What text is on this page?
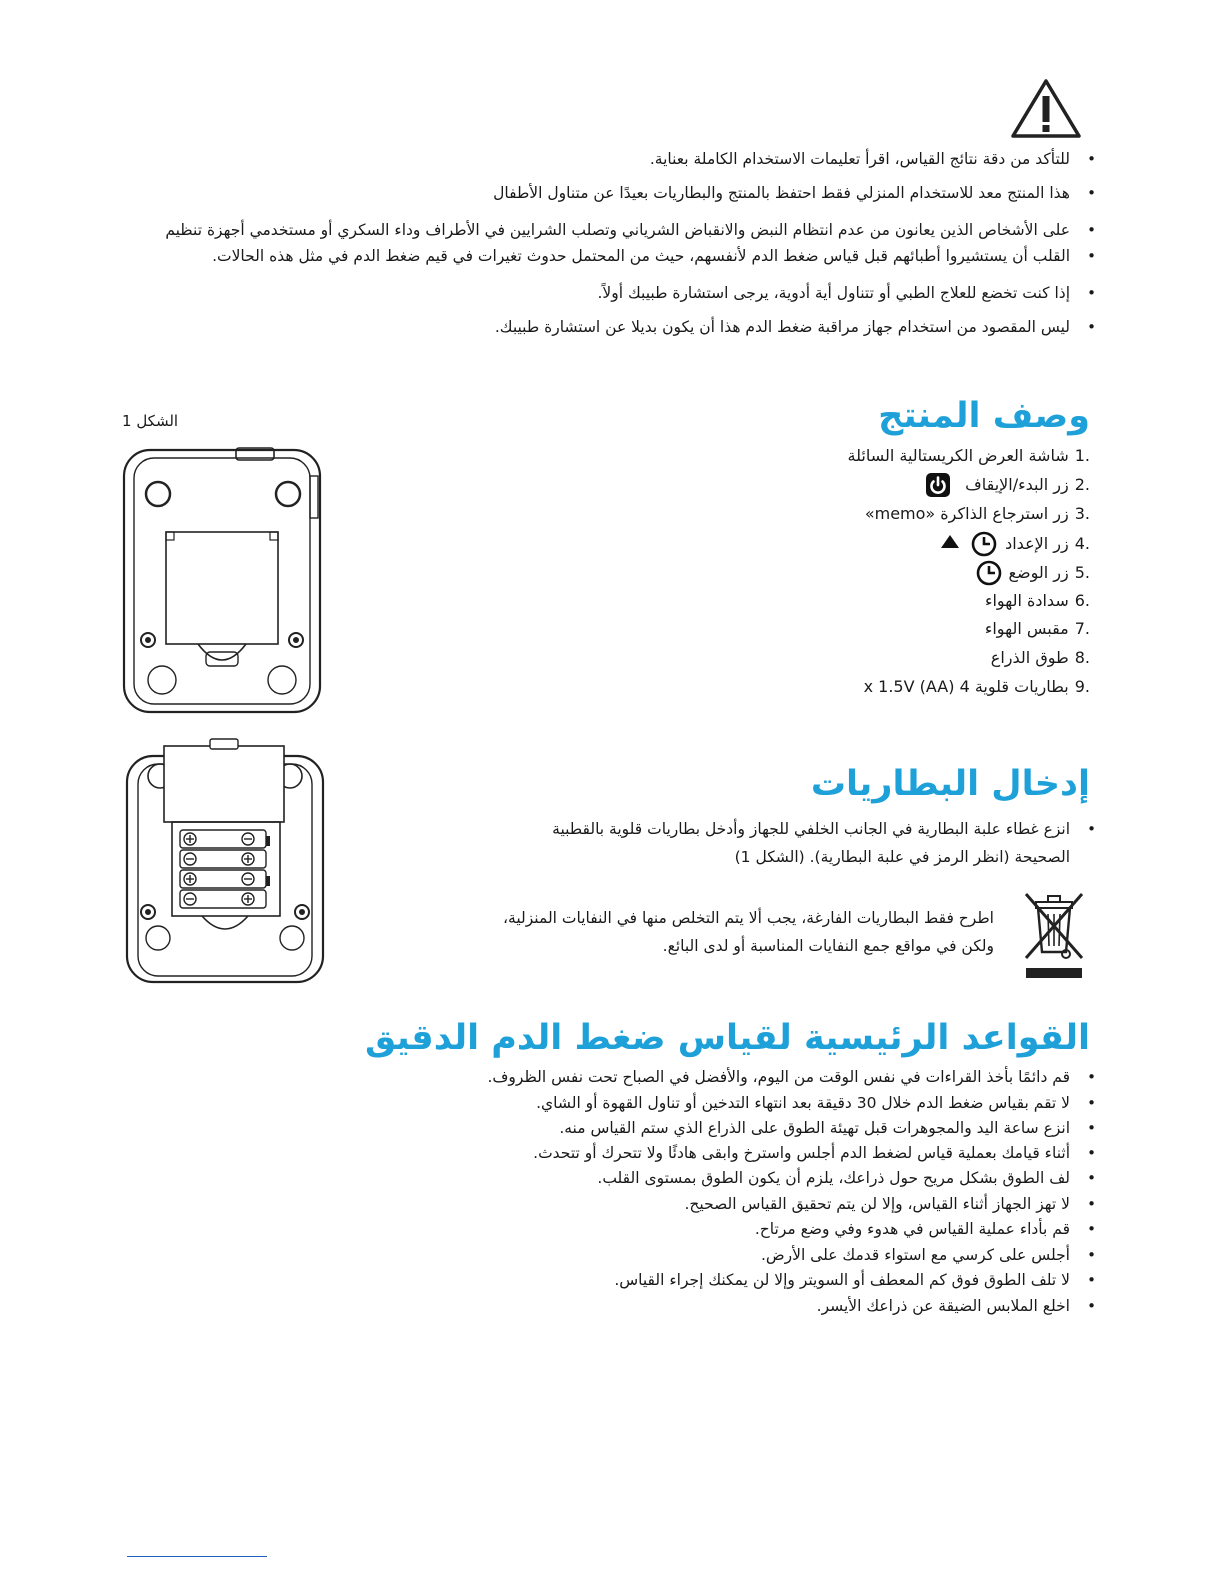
• للتأكد من دقة نتائج القياس، اقرأ تعليمات الاستخدام الكاملة بعناية.
• هذا المنتج معد للاستخدام المنزلي فقط احتفظ بالمنتج والبطاريات بعيدًا عن متناول الأطفال
• على الأشخاص الذين يعانون من عدم انتظام النبض والانقباض الشرياني وتصلب الشرايين في الأطراف وداء السكري أو مستخدمي أجهزة تنظيم
• القلب أن يستشيروا أطبائهم قبل قياس ضغط الدم لأنفسهم، حيث من المحتمل حدوث تغيرات في قيم ضغط الدم في مثل هذه الحالات.
• إذا كنت تخضع للعلاج الطبي أو تتناول أية أدوية، يرجى استشارة طبيبك أولاً.
• ليس المقصود من استخدام جهاز مراقبة ضغط الدم هذا أن يكون بديلا عن استشارة طبيبك.
الشكل 1	وصف المنتج
1.
شاشة العرض الكريستالية السائلة
2.
زر البدء/الإيقاف
3.
زر استرجاع الذاكرة «memo»
4.
زر الإعداد
5.
زر الوضع
6.
سدادة الهواء
7.
مقبس الهواء
8.
طوق الذراع
9.
بطاريات قلوية 4 x 1.5V (AA)
إدخال البطاريات
• انزع غطاء علبة البطارية في الجانب الخلفي للجهاز وأدخل بطاريات قلوية بالقطبية
الصحيحة (انظر الرمز في علبة البطارية). (الشكل 1)
اطرح فقط البطاريات الفارغة، يجب ألا يتم التخلص منها في النفايات المنزلية،
ولكن في مواقع جمع النفايات المناسبة أو لدى البائع.
القواعد الرئيسية لقياس ضغط الدم الدقيق
• قم دائمًا بأخذ القراءات في نفس الوقت من اليوم، والأفضل في الصباح تحت نفس الظروف.
• لا تقم بقياس ضغط الدم خلال 30 دقيقة بعد انتهاء التدخين أو تناول القهوة أو الشاي.
• انزع ساعة اليد والمجوهرات قبل تهيئة الطوق على الذراع الذي ستم القياس منه.
• أثناء قيامك بعملية قياس لضغط الدم أجلس واسترخ وابقى هادئًا ولا تتحرك أو تتحدث.
• لف الطوق بشكل مريح حول ذراعك، يلزم أن يكون الطوق بمستوى القلب.
• لا تهز الجهاز أثناء القياس، وإلا لن يتم تحقيق القياس الصحيح.
• قم بأداء عملية القياس في هدوء وفي وضع مرتاح.
• أجلس على كرسي مع استواء قدمك على الأرض.
• لا تلف الطوق فوق كم المعطف أو السويتر وإلا لن يمكنك إجراء القياس.
• اخلع الملابس الضيقة عن ذراعك الأيسر.
